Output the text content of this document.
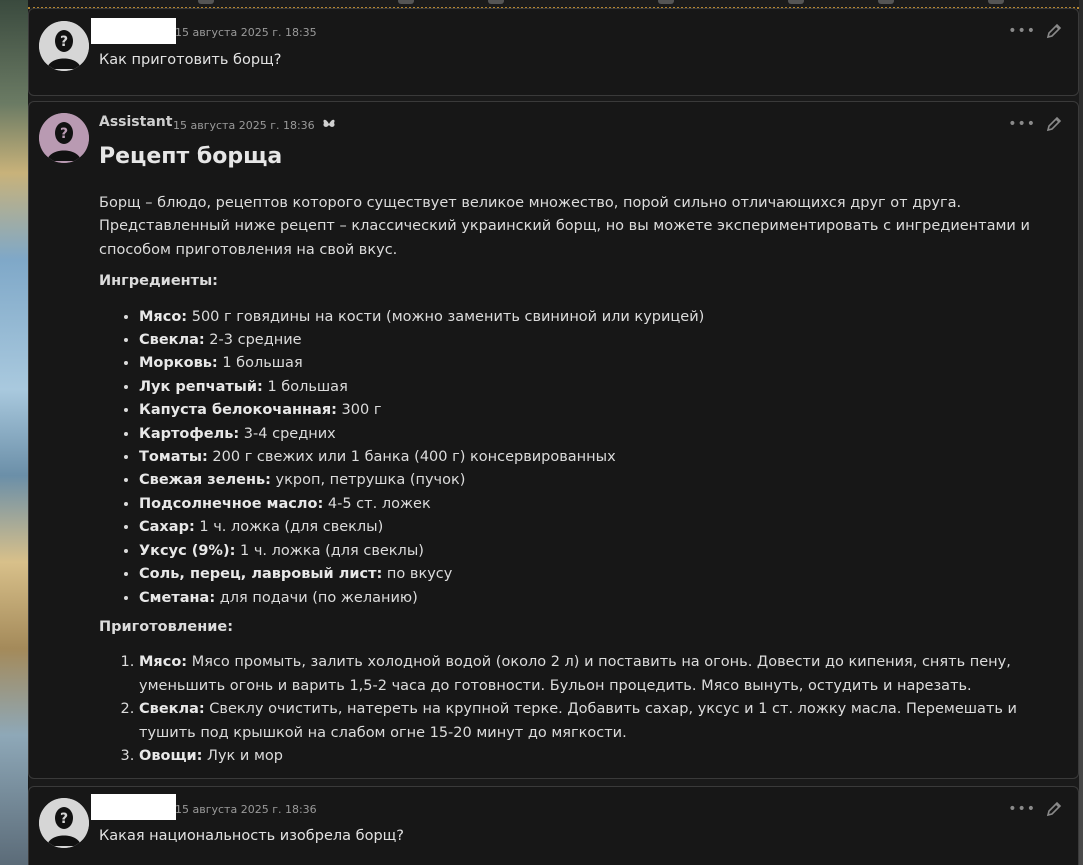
?
15 августа 2025 г. 18:35
Как приготовить борщ?
•••
?
Assistant 15 августа 2025 г. 18:36	•••
Рецепт борща

Борщ – блюдо, рецептов которого существует великое множество, порой сильно отличающихся друг от друга. Представленный ниже рецепт – классический украинский борщ, но вы можете экспериментировать с ингредиентами и способом приготовления на свой вкус.

Ингредиенты:
• Мясо: 500 г говядины на кости (можно заменить свининой или курицей)
• Свекла: 2-3 средние
• Морковь: 1 большая
• Лук репчатый: 1 большая
• Капуста белокочанная: 300 г
• Картофель: 3-4 средних
• Томаты: 200 г свежих или 1 банка (400 г) консервированных
• Свежая зелень: укроп, петрушка (пучок)
• Подсолнечное масло: 4-5 ст. ложек
• Сахар: 1 ч. ложка (для свеклы)
• Уксус (9%): 1 ч. ложка (для свеклы)
• Соль, перец, лавровый лист: по вкусу
• Сметана: для подачи (по желанию)
Приготовление:
1. Мясо: Мясо промыть, залить холодной водой (около 2 л) и поставить на огонь. Довести до кипения, снять пену, уменьшить огонь и варить 1,5-2 часа до готовности. Бульон процедить. Мясо вынуть, остудить и нарезать.
2. Свекла: Свеклу очистить, натереть на крупной терке. Добавить сахар, уксус и 1 ст. ложку масла. Перемешать и тушить под крышкой на слабом огне 15-20 минут до мягкости.
3. Овощи: Лук и мор
?
15 августа 2025 г. 18:36
Какая национальность изобрела борщ?
•••
